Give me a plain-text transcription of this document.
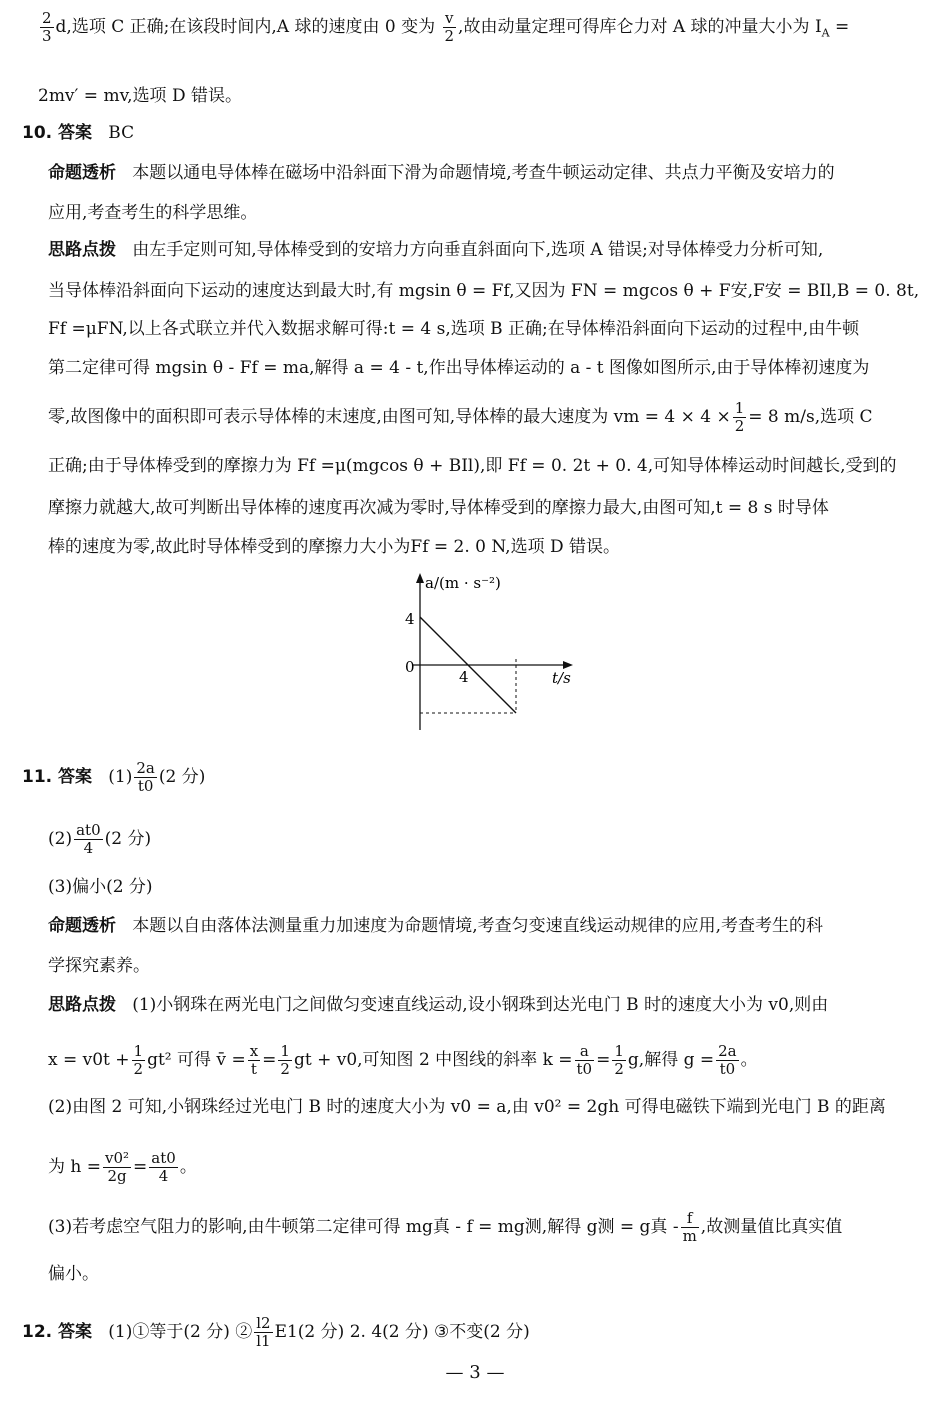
$\frac{2}{3} d$,选项 C 正确;在该段时间内,A 球的速度由 0 变为 $\frac{v}{2}$ ,故由动量定理可得库仑力对 A 球的冲量大小为 $I_A$ =
2mv′ = mv,选项 D 错误。
10. 答案 BC
命题透析 本题以通电导体棒在磁场中沿斜面下滑为命题情境,考查牛顿运动定律、共点力平衡及安培力的
应用,考查考生的科学思维。
思路点拨 由左手定则可知,导体棒受到的安培力方向垂直斜面向下,选项 A 错误;对导体棒受力分析可知,
当导体棒沿斜面向下运动的速度达到最大时,有 mgsin θ = Ff,又因为 FN = mgcos θ + F安,F安 = BIl,B = 0. 8t,
Ff =μFN,以上各式联立并代入数据求解可得:t = 4 s,选项 B 正确;在导体棒沿斜面向下运动的过程中,由牛顿
第二定律可得 mgsin θ - Ff = ma,解得 a = 4 - t,作出导体棒运动的 a - t 图像如图所示,由于导体棒初速度为
零,故图像中的面积即可表示导体棒的末速度,由图可知,导体棒的最大速度为 vm = $4 \times 4 \times \frac{1}{2} = 8$ m/s,选项 C
正确;由于导体棒受到的摩擦力为 Ff =μ(mgcos θ + BIl),即 Ff = 0. 2t + 0. 4,可知导体棒运动时间越长,受到的
摩擦力就越大,故可判断出导体棒的速度再次减为零时,导体棒受到的摩擦力最大,由图可知,t = 8 s 时导体
棒的速度为零,故此时导体棒受到的摩擦力大小为Ff = 2. 0 N,选项 D 错误。
a/(m · s⁻²)
t/s
4
0
4
11. 答案 $(1) \frac{2a}{t0} (2$ 分)
$(2) \frac{at0}{4} (2$ 分)
(3)偏小(2 分)
命题透析 本题以自由落体法测量重力加速度为命题情境,考查匀变速直线运动规律的应用,考查考生的科
学探究素养。
思路点拨 (1)小钢珠在两光电门之间做匀变速直线运动,设小钢珠到达光电门 B 时的速度大小为 v0,则由
$x = v0t + \frac{1}{2} gt^2$ 可得 v̄ = $\frac{x}{t} = \frac{1}{2}$ gt + v0,可知图 2 中图线的斜率 $k = \frac{a}{t0} = \frac{1}{2} g$,解得 $g = \frac{2a}{t0}$ 。
(2)由图 2 可知,小钢珠经过光电门 B 时的速度大小为 v0 = a,由 v0² = 2gh 可得电磁铁下端到光电门 B 的距离
为 $h = \frac{\text{v0²}}{2g} = \frac{at0}{4}$ 。
(3)若考虑空气阻力的影响,由牛顿第二定律可得 mg真 - f = mg测,解得 g测 = g真 - $\frac{f}{m}$ ,故测量值比真实值
偏小。
12. 答案 (1)①等于(2 分) ② $\frac{l2}{l1} E1(2$ 分) 2. 4(2 分) ③不变(2 分)
— 3 —
